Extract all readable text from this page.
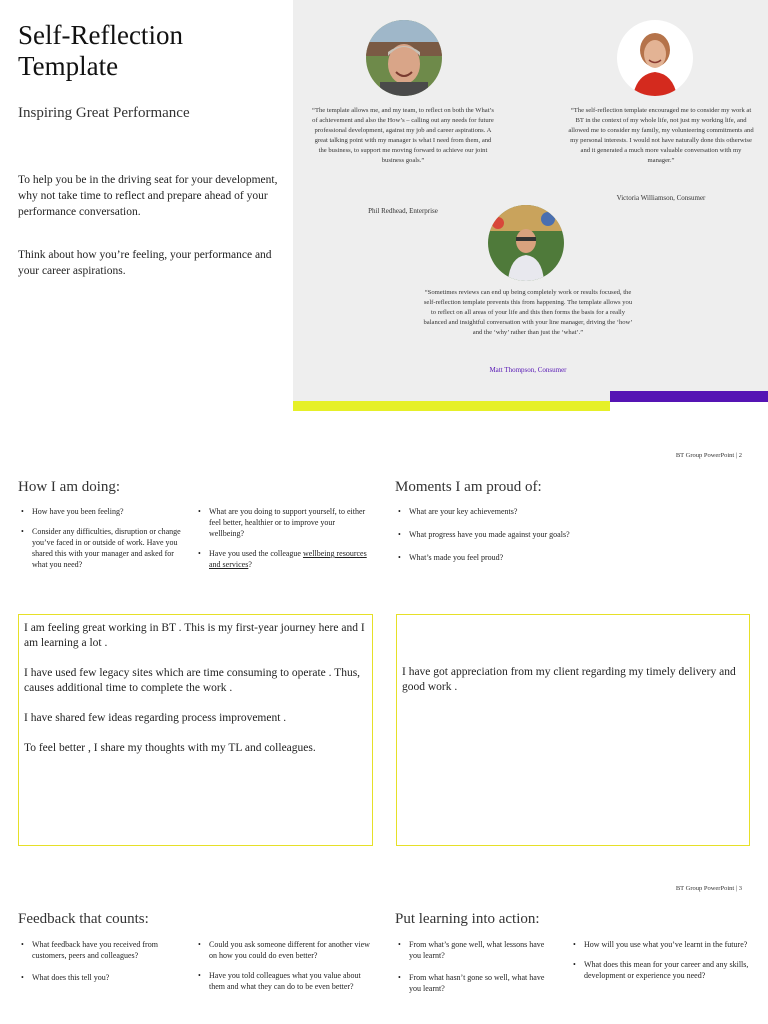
Self-Reflection Template
Inspiring Great Performance
To help you be in the driving seat for your development, why not take time to reflect and prepare ahead of your performance conversation.
Think about how you’re feeling, your performance and your career aspirations.
“The template allows me, and my team, to reflect on both the What’s of achievement and also the How’s – calling out any needs for future professional development, against my job and career aspirations. A great talking point with my manager is what I need from them, and the business, to support me moving forward to achieve our joint business goals.”
Phil Redhead, Enterprise
“The self-reflection template encouraged me to consider my work at BT in the context of my whole life, not just my working life, and allowed me to consider my family, my volunteering commitments and my personal interests. I would not have naturally done this otherwise and it generated a much more valuable conversation with my manager.”
Victoria Williamson, Consumer
“Sometimes reviews can end up being completely work or results focused, the self-reflection template prevents this from happening. The template allows you to reflect on all areas of your life and this then forms the basis for a really balanced and insightful conversation with your line manager, driving the ‘how’ and the ‘why’ rather than just the ‘what’.”
Matt Thompson, Consumer
BT Group PowerPoint | 2
How I am doing:
• How have you been feeling?
• Consider any difficulties, disruption or change you’ve faced in or outside of work. Have you shared this with your manager and asked for what you need?
• What are you doing to support yourself, to either feel better, healthier or to improve your wellbeing?
• Have you used the colleague wellbeing resources and services?
Moments I am proud of:
• What are your key achievements?
• What progress have you made against your goals?
• What’s made you feel proud?

I am feeling great working in BT . This is my first-year journey here and I am learning a lot .

I have used few legacy sites which are time consuming to operate . Thus, causes additional time to complete the work .

I have shared few ideas regarding process improvement .

To feel better , I share my thoughts with my TL and colleagues.

I have got appreciation from my client regarding my timely delivery and good work .

BT Group PowerPoint | 3
Feedback that counts:
• What feedback have you received from customers, peers and colleagues?
• What does this tell you?
• Could you ask someone different for another view on how you could do even better?
• Have you told colleagues what you value about them and what they can do to be even better?
Put learning into action:
• From what’s gone well, what lessons have you learnt?
• From what hasn’t gone so well, what have you learnt?
• How will you use what you’ve learnt in the future?
• What does this mean for your career and any skills, development or experience you need?
